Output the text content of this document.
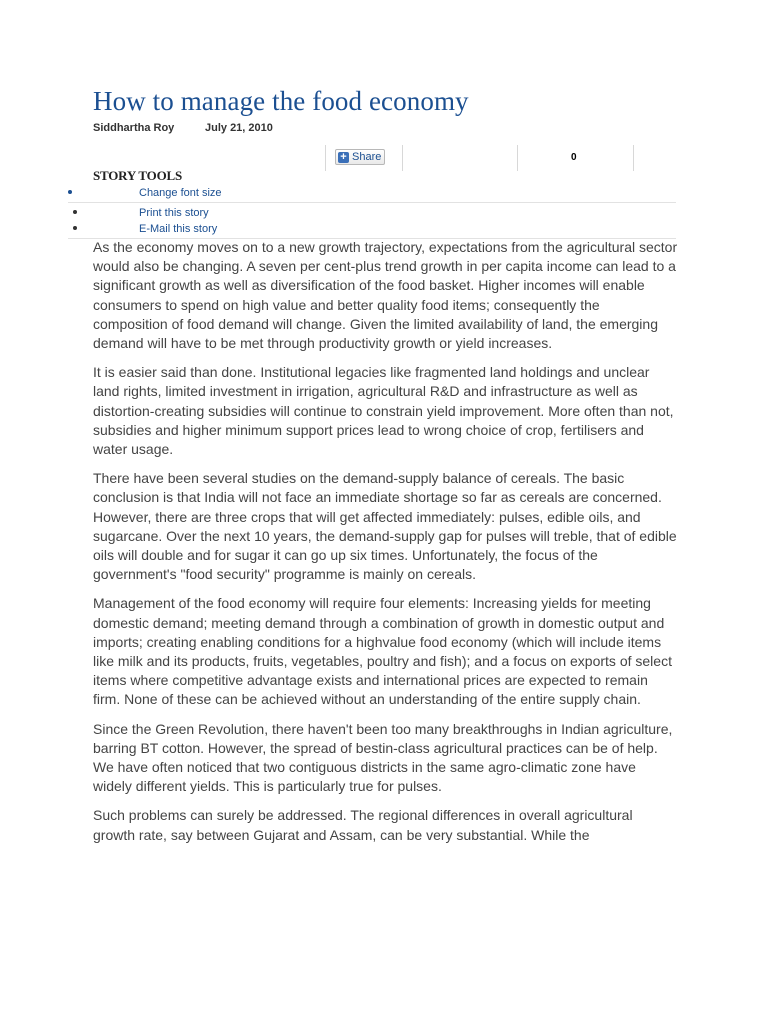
How to manage the food economy
Siddhartha Roy	July 21, 2010
+ Share	0
STORY TOOLS
Change font size
Print this story
E-Mail this story

As the economy moves on to a new growth trajectory, expectations from the agricultural sector would also be changing. A seven per cent-plus trend growth in per capita income can lead to a significant growth as well as diversification of the food basket. Higher incomes will enable consumers to spend on high value and better quality food items; consequently the composition of food demand will change. Given the limited availability of land, the emerging demand will have to be met through productivity growth or yield increases.

It is easier said than done. Institutional legacies like fragmented land holdings and unclear land rights, limited investment in irrigation, agricultural R&D and infrastructure as well as distortion-creating subsidies will continue to constrain yield improvement. More often than not, subsidies and higher minimum support prices lead to wrong choice of crop, fertilisers and water usage.

There have been several studies on the demand-supply balance of cereals. The basic conclusion is that India will not face an immediate shortage so far as cereals are concerned. However, there are three crops that will get affected immediately: pulses, edible oils, and sugarcane. Over the next 10 years, the demand-supply gap for pulses will treble, that of edible oils will double and for sugar it can go up six times. Unfortunately, the focus of the government's "food security" programme is mainly on cereals.

Management of the food economy will require four elements: Increasing yields for meeting domestic demand; meeting demand through a combination of growth in domestic output and imports; creating enabling conditions for a highvalue food economy (which will include items like milk and its products, fruits, vegetables, poultry and fish); and a focus on exports of select items where competitive advantage exists and international prices are expected to remain firm. None of these can be achieved without an understanding of the entire supply chain.

Since the Green Revolution, there haven't been too many breakthroughs in Indian agriculture, barring BT cotton. However, the spread of bestin-class agricultural practices can be of help. We have often noticed that two contiguous districts in the same agro-climatic zone have widely different yields. This is particularly true for pulses.

Such problems can surely be addressed. The regional differences in overall agricultural growth rate, say between Gujarat and Assam, can be very substantial. While the
